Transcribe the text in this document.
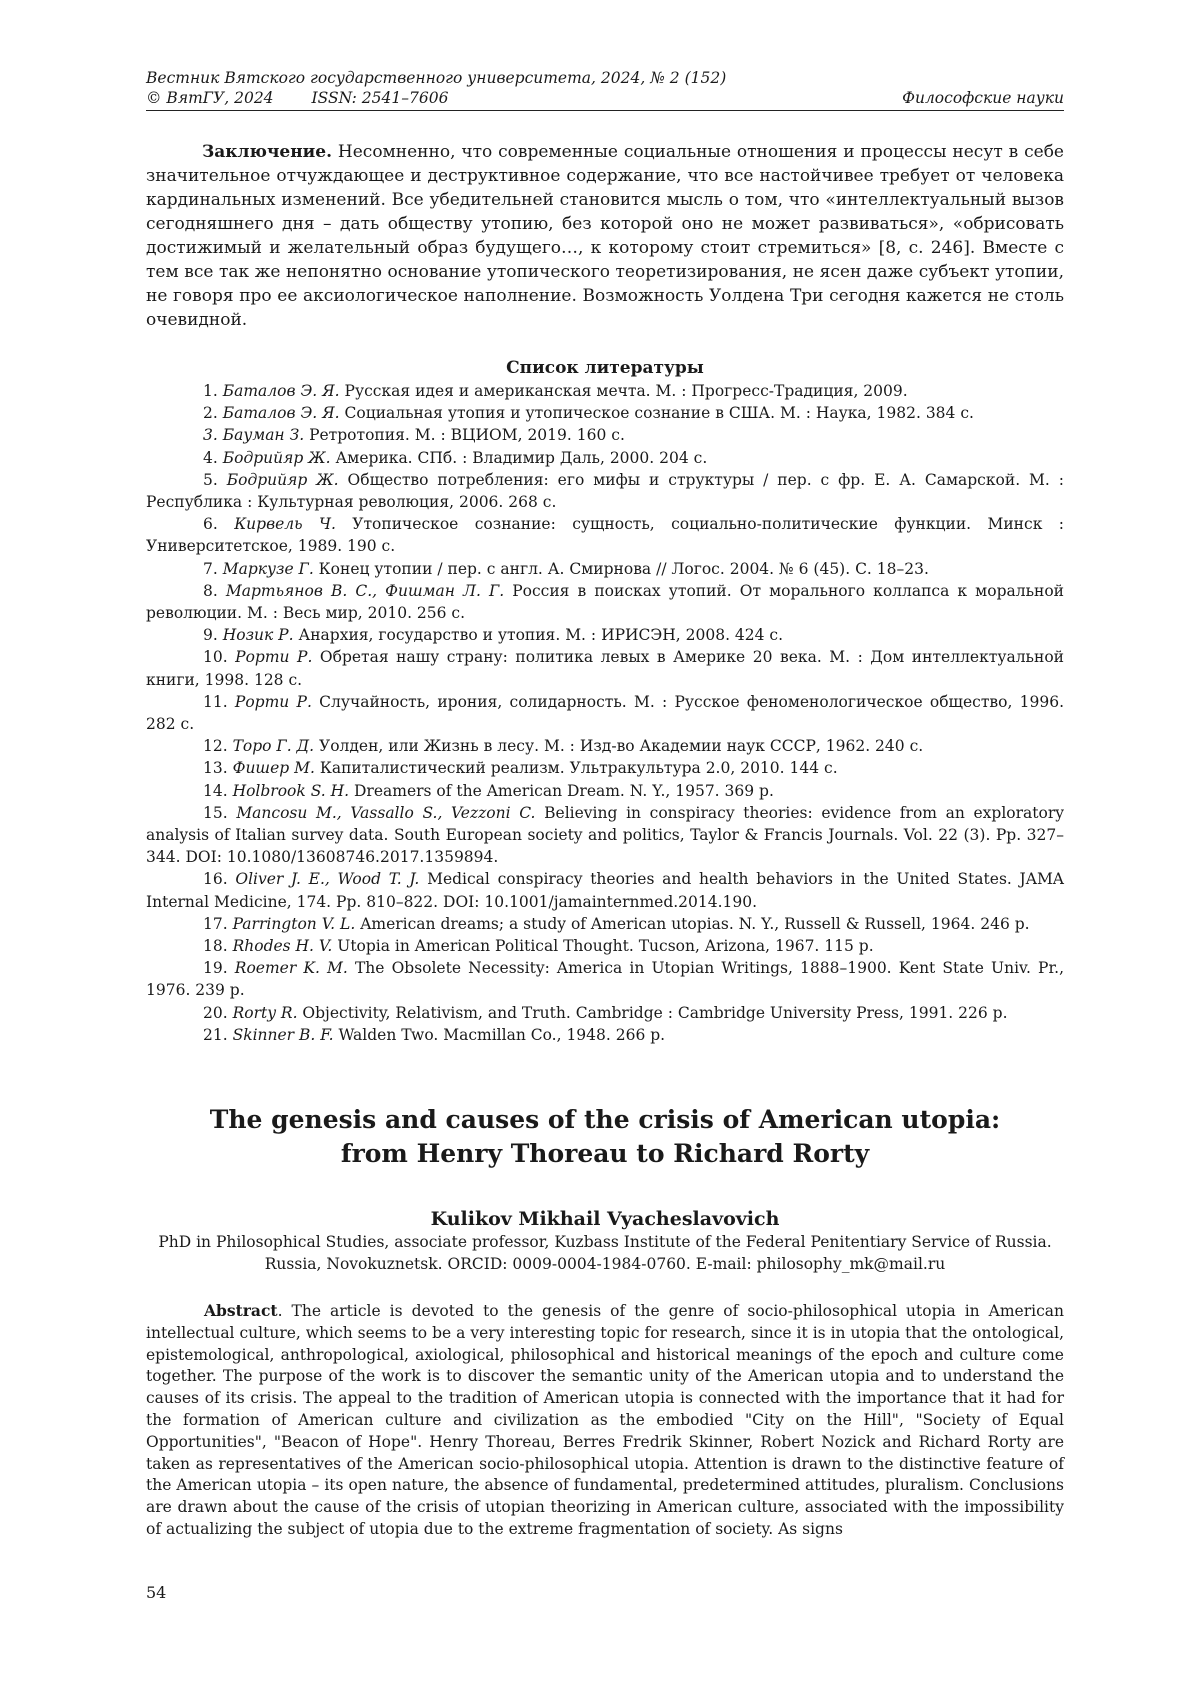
Вестник Вятского государственного университета, 2024, № 2 (152)
© ВятГУ, 2024 ISSN: 2541–7606	Философские науки

Заключение. Несомненно, что современные социальные отношения и процессы несут в себе значительное отчуждающее и деструктивное содержание, что все настойчивее требует от человека кардинальных изменений. Все убедительней становится мысль о том, что «интеллектуальный вызов сегодняшнего дня – дать обществу утопию, без которой оно не может развиваться», «обрисовать достижимый и желательный образ будущего…, к которому стоит стремиться» [8, с. 246]. Вместе с тем все так же непонятно основание утопического теоретизирования, не ясен даже субъект утопии, не говоря про ее аксиологическое наполнение. Возможность Уолдена Три сегодня кажется не столь очевидной.

Список литературы
1. Баталов Э. Я. Русская идея и американская мечта. М. : Прогресс-Традиция, 2009.
2. Баталов Э. Я. Социальная утопия и утопическое сознание в США. М. : Наука, 1982. 384 с.
3. Бауман З. Ретротопия. М. : ВЦИОМ, 2019. 160 с.
4. Бодрийяр Ж. Америка. СПб. : Владимир Даль, 2000. 204 с.
5. Бодрийяр Ж. Общество потребления: его мифы и структуры / пер. с фр. Е. А. Самарской. М. : Республика : Культурная революция, 2006. 268 с.
6. Кирвель Ч. Утопическое сознание: сущность, социально-политические функции. Минск : Университетское, 1989. 190 с.
7. Маркузе Г. Конец утопии / пер. с англ. А. Смирнова // Логос. 2004. № 6 (45). С. 18–23.
8. Мартьянов В. С., Фишман Л. Г. Россия в поисках утопий. От морального коллапса к моральной революции. М. : Весь мир, 2010. 256 с.
9. Нозик Р. Анархия, государство и утопия. М. : ИРИСЭН, 2008. 424 с.
10. Рорти Р. Обретая нашу страну: политика левых в Америке 20 века. М. : Дом интеллектуальной книги, 1998. 128 с.
11. Рорти Р. Случайность, ирония, солидарность. М. : Русское феноменологическое общество, 1996. 282 с.
12. Торо Г. Д. Уолден, или Жизнь в лесу. М. : Изд-во Академии наук СССР, 1962. 240 с.
13. Фишер М. Капиталистический реализм. Ультракультура 2.0, 2010. 144 с.
14. Holbrook S. H. Dreamers of the American Dream. N. Y., 1957. 369 p.
15. Mancosu M., Vassallo S., Vezzoni C. Believing in conspiracy theories: evidence from an exploratory analysis of Italian survey data. South European society and politics, Taylor & Francis Journals. Vol. 22 (3). Pp. 327–344. DOI: 10.1080/13608746.2017.1359894.
16. Oliver J. E., Wood T. J. Medical conspiracy theories and health behaviors in the United States. JAMA Internal Medicine, 174. Pp. 810–822. DOI: 10.1001/jamainternmed.2014.190.
17. Parrington V. L. American dreams; a study of American utopias. N. Y., Russell & Russell, 1964. 246 p.
18. Rhodes H. V. Utopia in American Political Thought. Tucson, Arizona, 1967. 115 p.
19. Roemer K. M. The Obsolete Necessity: America in Utopian Writings, 1888–1900. Kent State Univ. Pr., 1976. 239 p.
20. Rorty R. Objectivity, Relativism, and Truth. Cambridge : Cambridge University Press, 1991. 226 p.
21. Skinner B. F. Walden Two. Macmillan Co., 1948. 266 p.
The genesis and causes of the crisis of American utopia:
from Henry Thoreau to Richard Rorty
Kulikov Mikhail Vyacheslavovich
PhD in Philosophical Studies, associate professor, Kuzbass Institute of the Federal Penitentiary Service of Russia.
Russia, Novokuznetsk. ORCID: 0009-0004-1984-0760. E-mail: philosophy_mk@mail.ru

Abstract. The article is devoted to the genesis of the genre of socio-philosophical utopia in American intellectual culture, which seems to be a very interesting topic for research, since it is in utopia that the ontological, epistemological, anthropological, axiological, philosophical and historical meanings of the epoch and culture come together. The purpose of the work is to discover the semantic unity of the American utopia and to understand the causes of its crisis. The appeal to the tradition of American utopia is connected with the importance that it had for the formation of American culture and civilization as the embodied "City on the Hill", "Society of Equal Opportunities", "Beacon of Hope". Henry Thoreau, Berres Fredrik Skinner, Robert Nozick and Richard Rorty are taken as representatives of the American socio-philosophical utopia. Attention is drawn to the distinctive feature of the American utopia – its open nature, the absence of fundamental, predetermined attitudes, pluralism. Conclusions are drawn about the cause of the crisis of utopian theorizing in American culture, associated with the impossibility of actualizing the subject of utopia due to the extreme fragmentation of society. As signs

54
